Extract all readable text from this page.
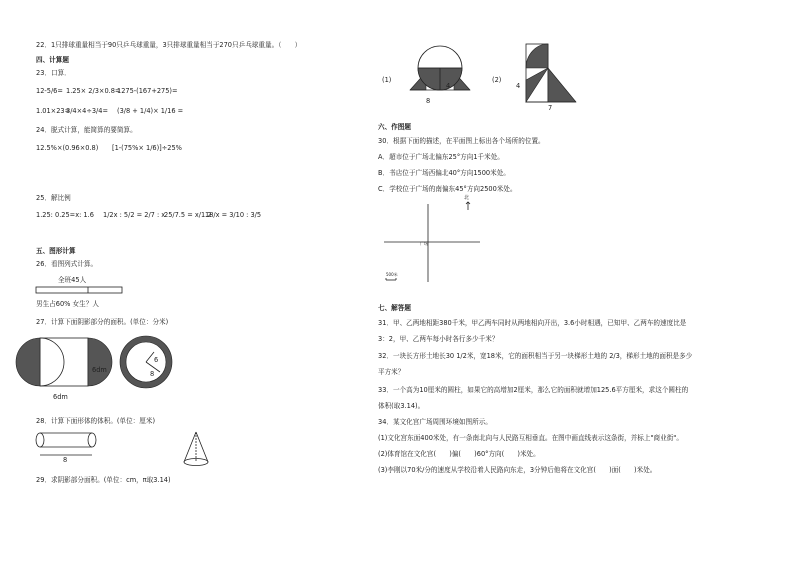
22．1只排球重量相当于90只乒乓球重量，3只排球重量相当于270只乒乓球重量。（　　）
四、计算题
23．口算．
12-5/6= 1.25× 2/3×0.8=
1275-(167+275)=
1.01×23=
3/4×4÷3/4= (3/8 + 1/4)× 1/16 =
24．脱式计算，能简算的要简算。
12.5%×(0.96×0.8) [1-(75%× 1/6)]÷25%
25．解比例
1.25: 0.25=x: 1.6 1/2x : 5/2 = 2/7 : x
25/7.5 = x/1.2
18/x = 3/10 : 3/5
五、图形计算
26．看图列式计算。
全班45人
男生占60% 女生？人
27．计算下面阴影部分的面积。(单位：分米)
6dm
6dm
6
8
28．计算下面形体的体积。(单位：厘米)
8
29．求阴影部分面积。(单位：cm，π取3.14)
(1)
4
8
(2)
4
7
六、作图题
30．根据下面的描述，在平面图上标出各个场所的位置。
A．超市位于广场北偏东25°方向1千米处。
B．书店位于广场西偏北40°方向1500米处。
C．学校位于广场的南偏东45°方向2500米处。
北
广场
500米
七、解答题
31．甲、乙两地相距380千米，甲乙两车同时从两地相向开出，3.6小时相遇，已知甲、乙两车的速度比是
3：2，甲、乙两车每小时各行多少千米？
32．一块长方形土地长30 1/2米，宽18米，它的面积相当于另一块梯形土地的 2/3，梯形土地的面积是多少
平方米？
33．一个高为10厘米的圆柱，如果它的高增加2厘米，那么它的面积就增加125.6平方厘米，求这个圆柱的
体积(取3.14)。
34．某文化宫广场周围环境如图所示。
(1)文化宫东面400米处，有一条南北向与人民路互相垂直。在图中画直线表示这条街，并标上"商业街"。
(2)体育馆在文化宫(　　)偏(　　)60°方向(　　)米处。
(3)李刚以70米/分的速度从学校沿着人民路向东走，3分钟后他将在文化宫(　　)面(　　)米处。
